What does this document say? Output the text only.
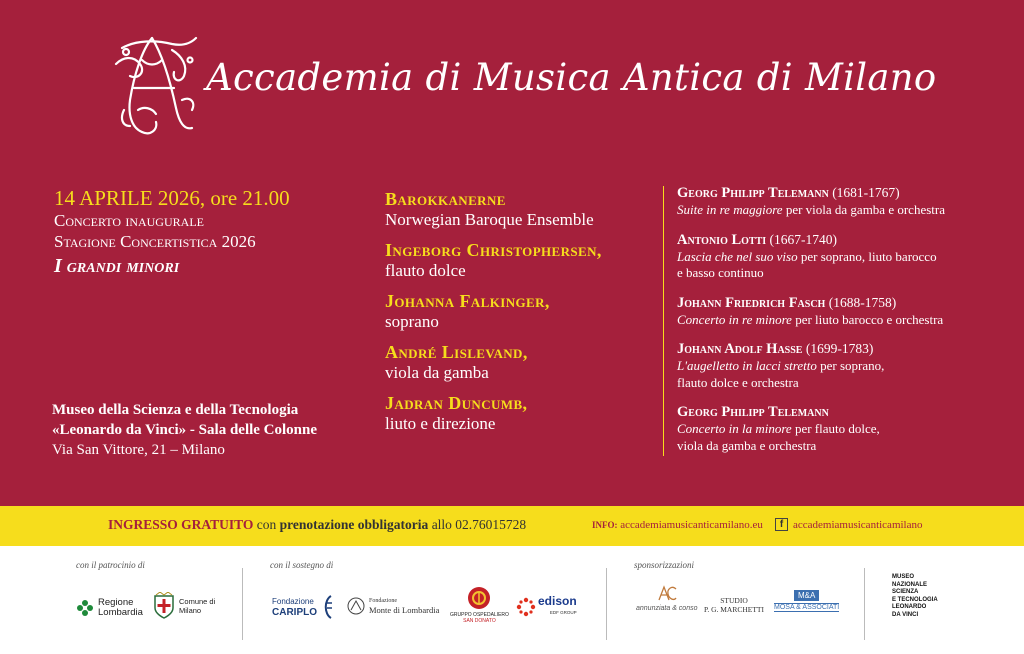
Accademia di Musica Antica di Milano
14 APRILE 2026, ore 21.00
Concerto inaugurale
Stagione Concertistica 2026
I grandi minori
Museo della Scienza e della Tecnologia
«Leonardo da Vinci» - Sala delle Colonne
Via San Vittore, 21 – Milano
Barokkanerne
Norwegian Baroque Ensemble
Ingeborg Christophersen,
flauto dolce
Johanna Falkinger,
soprano
André Lislevand,
viola da gamba
Jadran Duncumb,
liuto e direzione
Georg Philipp Telemann (1681-1767)
Suite in re maggiore per viola da gamba e orchestra
Antonio Lotti (1667-1740)
Lascia che nel suo viso per soprano, liuto barocco
e basso continuo
Johann Friedrich Fasch (1688-1758)
Concerto in re minore per liuto barocco e orchestra
Johann Adolf Hasse (1699-1783)
L'augelletto in lacci stretto per soprano,
flauto dolce e orchestra
Georg Philipp Telemann
Concerto in la minore per flauto dolce,
viola da gamba e orchestra
INGRESSO GRATUITO con prenotazione obbligatoria allo 02.76015728	INFO: accademiamusicanticamilano.eu	f accademiamusicanticamilano
con il patrocinio di	con il sostegno di	sponsorizzazioni
Regione
Lombardia
Comune di
Milano
Fondazione
CARIPLO
Fondazione
Monte di Lombardia GRUPPO OSPEDALIERO
SAN DONATO
edison
EDF GROUP
annunziata & conso
STUDIO
P. G. MARCHETTI
M&A
MOSA & ASSOCIATI
MUSEO
NAZIONALE
SCIENZA
E TECNOLOGIA
LEONARDO
DA VINCI
